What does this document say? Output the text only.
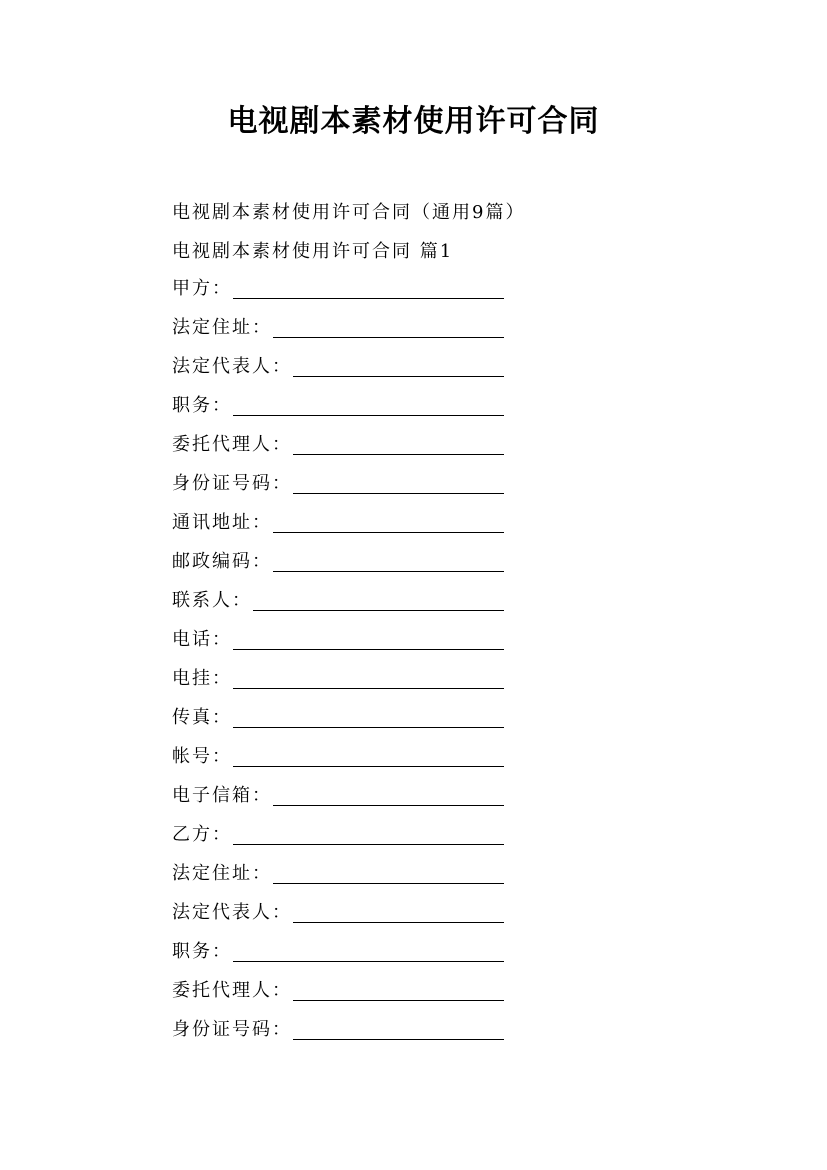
电视剧本素材使用许可合同
电视剧本素材使用许可合同（通用9篇）
电视剧本素材使用许可合同 篇1
甲方：
法定住址：
法定代表人：
职务：
委托代理人：
身份证号码：
通讯地址：
邮政编码：
联系人：
电话：
电挂：
传真：
帐号：
电子信箱：
乙方：
法定住址：
法定代表人：
职务：
委托代理人：
身份证号码：
